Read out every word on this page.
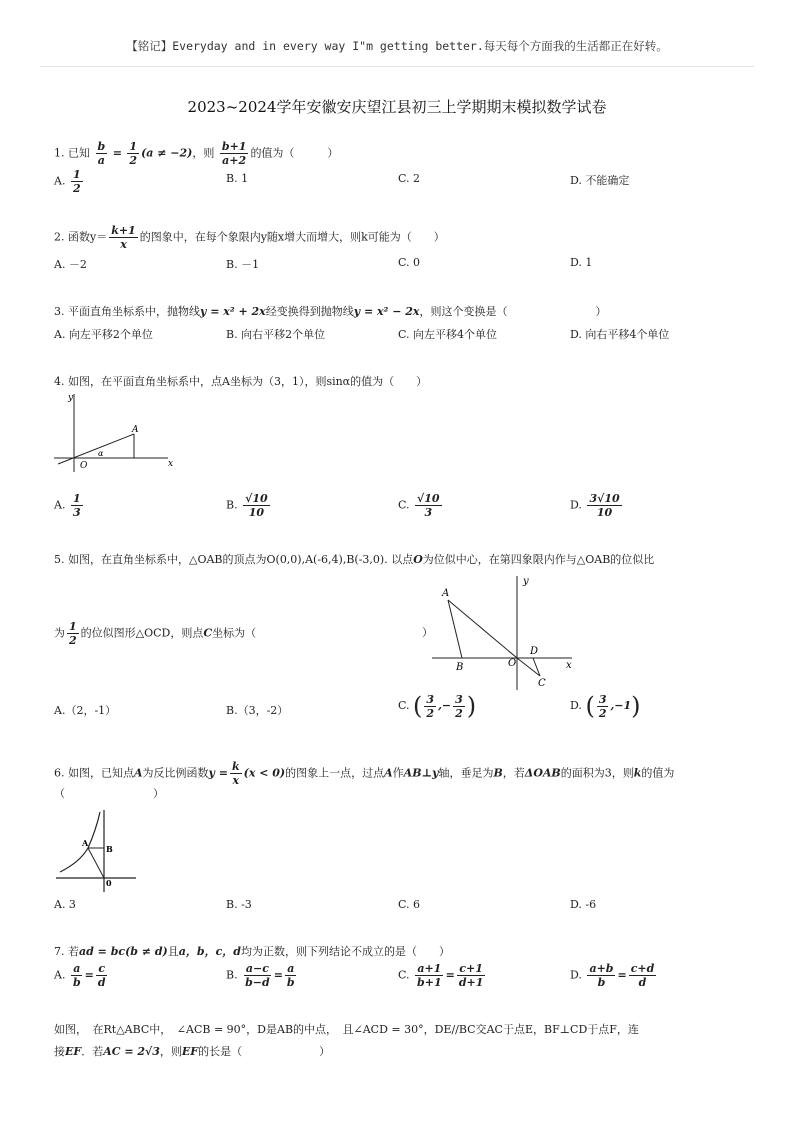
【铭记】Everyday and in every way I"m getting better.每天每个方面我的生活都正在好转。
2023~2024学年安徽安庆望江县初三上学期期末模拟数学试卷
1. 已知 $\frac{b}{a} = \frac{1}{2} (a \ne -2)$，则 $\frac{b+1}{a+2}$ 的值为（　　　）
A. $\frac{1}{2}$	B. 1	C. 2	D. 不能确定
2. 函数$y= \frac{k+1}{x}$ 的图象中，在每个象限内y随x增大而增大，则k可能为（　　）
A. －2	B. －1	C. 0	D. 1
3. 平面直角坐标系中，抛物线y = x² + 2x经变换得到抛物线y = x² − 2x，则这个变换是（　　　　　　　　）
A. 向左平移2个单位	B. 向右平移2个单位	C. 向左平移4个单位	D. 向右平移4个单位
4. 如图，在平面直角坐标系中，点A坐标为（3，1），则sinα的值为（　　）
y
x
O
A
α
A. $\frac{1}{3}$	B. $\frac{√10}{10}$	C. $\frac{√10}{3}$	D. $\frac{3√10}{10}$
5. 如图，在直角坐标系中，△OAB的顶点为O(0,0),A(-6,4),B(-3,0). 以点O为位似中心，在第四象限内作与△OAB的位似比
为 $\frac{1}{2}$ 的位似图形△OCD，则点C坐标为（	）
A
B	O
D
C
y
x
A.（2，-1）	B.（3，-2）	C. ( $\frac{3}{2}$ ,− $\frac{3}{2}$ )	D. ( $\frac{3}{2} ,-1$)
6. 如图，已知点A为反比例函数$y = \frac{k}{x} (x < 0)$的图象上一点，过点A作AB⊥y轴，垂足为B，若ΔOAB的面积为3，则k的值为
（　　　　　　　　）
A
B
0
A. 3	B. -3	C. 6	D. -6
7. 若ad = bc(b ≠ d)且a，b，c，d均为正数，则下列结论不成立的是（　　）
A. $\frac{a}{b} = \frac{c}{d}$	B. $\frac{a-c}{b-d} = \frac{a}{b}$	C. $\frac{a+1}{b+1} = \frac{c+1}{d+1}$	D. $\frac{a+b}{b} = \frac{c+d}{d}$
如图，　在Rt△ABC中，　∠ACB = 90°，D是AB的中点，　且∠ACD = 30°，DE//BC交AC于点E，BF⊥CD于点F，连
接EF．若AC = 2√3，则EF的长是（　　　　　　　）
